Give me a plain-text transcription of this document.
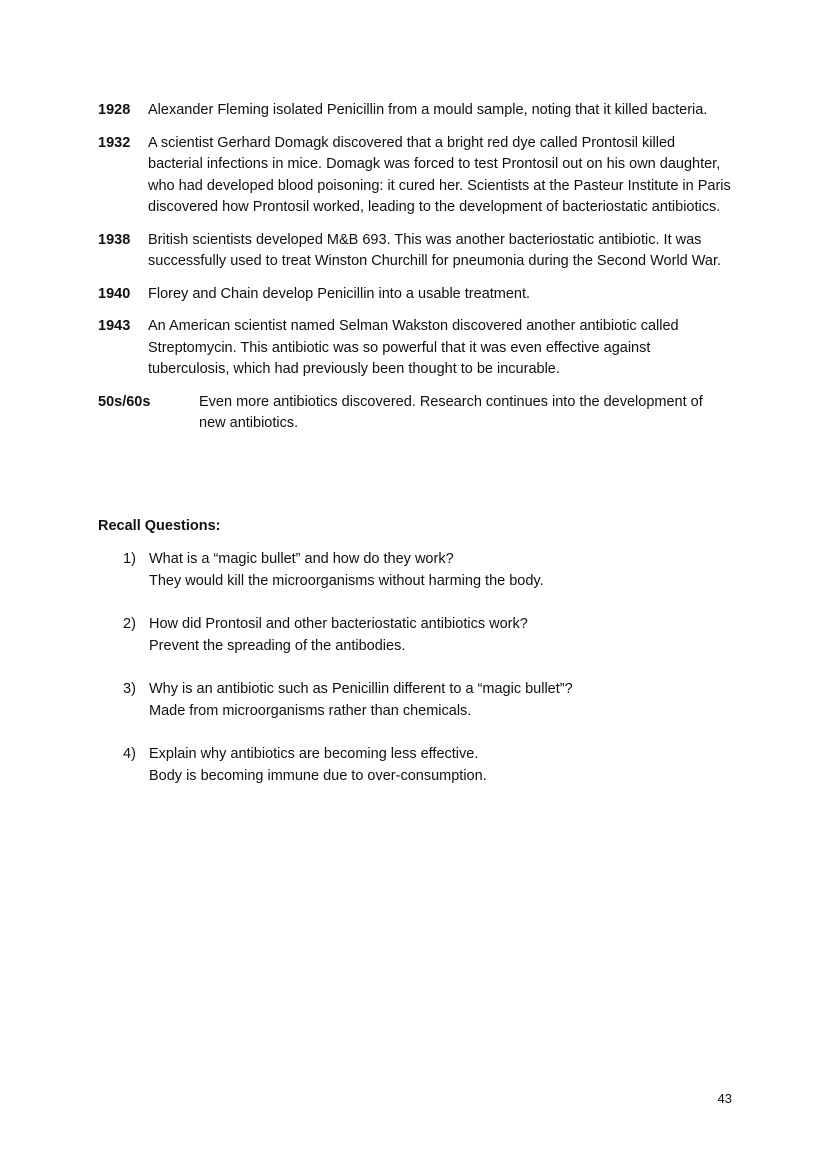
1928	Alexander Fleming isolated Penicillin from a mould sample, noting that it killed bacteria.
1932	A scientist Gerhard Domagk discovered that a bright red dye called Prontosil killed bacterial infections in mice. Domagk was forced to test Prontosil out on his own daughter, who had developed blood poisoning: it cured her. Scientists at the Pasteur Institute in Paris discovered how Prontosil worked, leading to the development of bacteriostatic antibiotics.
1938	British scientists developed M&B 693. This was another bacteriostatic antibiotic. It was successfully used to treat Winston Churchill for pneumonia during the Second World War.
1940	Florey and Chain develop Penicillin into a usable treatment.
1943	An American scientist named Selman Wakston discovered another antibiotic called Streptomycin. This antibiotic was so powerful that it was even effective against tuberculosis, which had previously been thought to be incurable.
50s/60s	Even more antibiotics discovered. Research continues into the development of new antibiotics.
Recall Questions:
1) What is a “magic bullet” and how do they work?
They would kill the microorganisms without harming the body.
2) How did Prontosil and other bacteriostatic antibiotics work?
Prevent the spreading of the antibodies.
3) Why is an antibiotic such as Penicillin different to a “magic bullet”?
Made from microorganisms rather than chemicals.
4) Explain why antibiotics are becoming less effective.
Body is becoming immune due to over-consumption.
43
